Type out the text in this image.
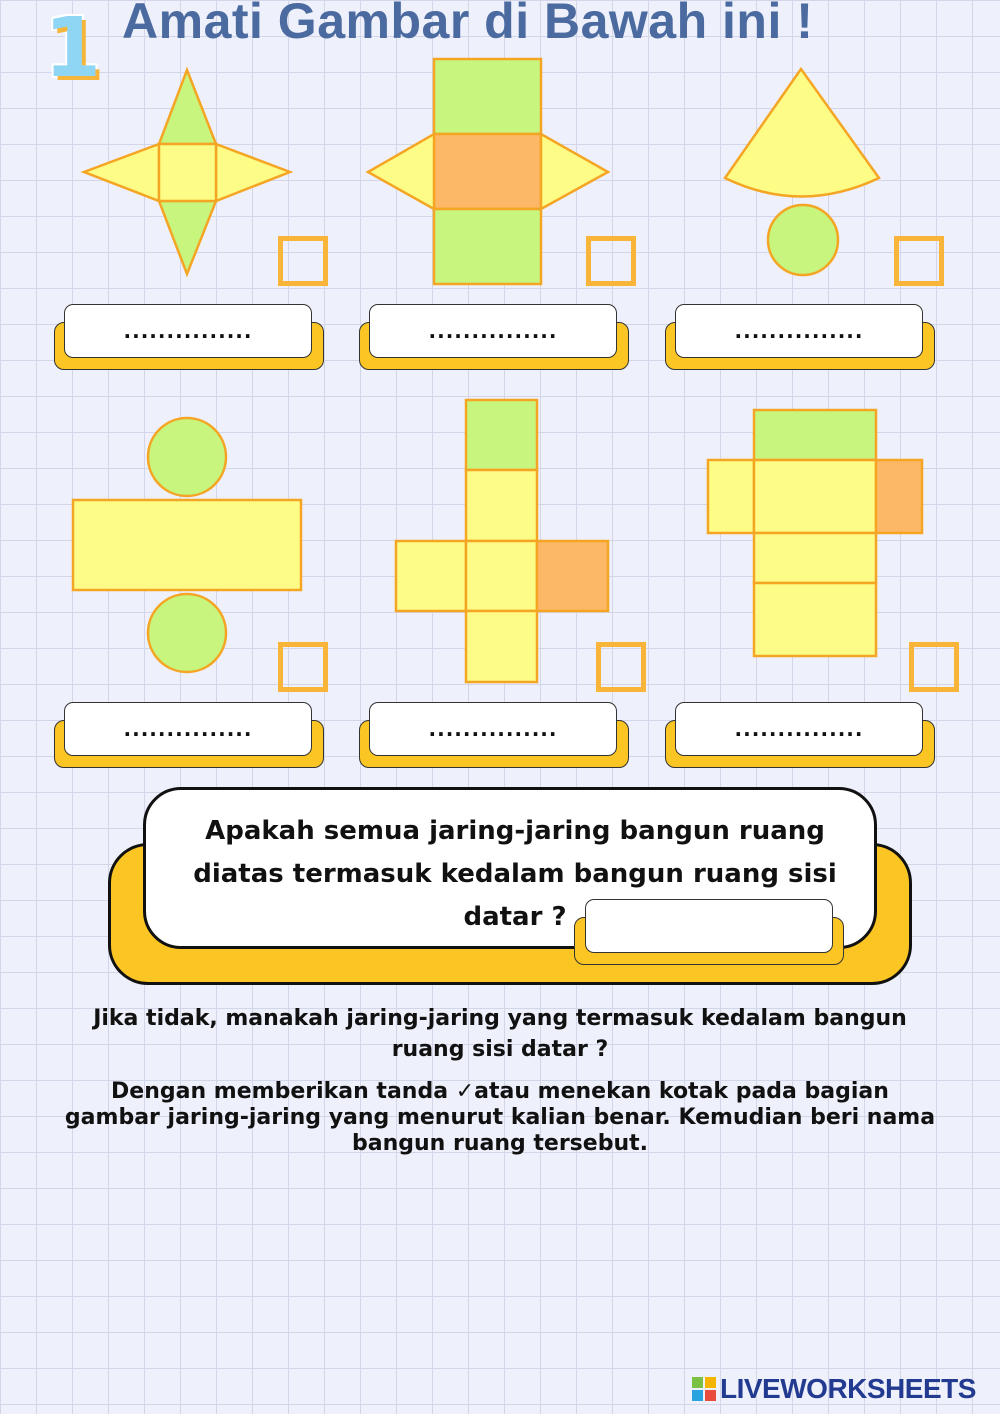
1 Amati Gambar di Bawah ini !
...............	...............	...............
...............	...............	...............
Apakah semua jaring-jaring bangun ruang diatas termasuk kedalam bangun ruang sisi datar ?
Jika tidak, manakah jaring-jaring yang termasuk kedalam bangun ruang sisi datar ?
Dengan memberikan tanda ✓atau menekan kotak pada bagian gambar jaring-jaring yang menurut kalian benar. Kemudian beri nama bangun ruang tersebut.
LIVEWORKSHEETS
